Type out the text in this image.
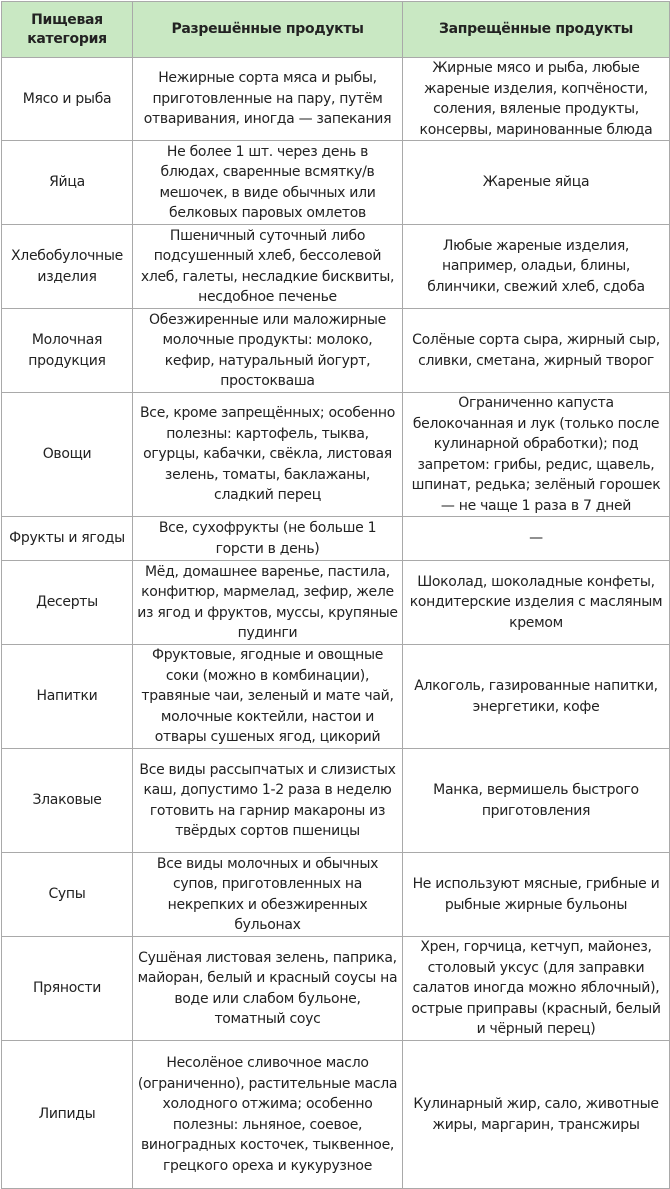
Пищевая категория	Разрешённые продукты	Запрещённые продукты
Мясо и рыба	Нежирные сорта мяса и рыбы, приготовленные на пару, путём отваривания, иногда — запекания	Жирные мясо и рыба, любые жареные изделия, копчёности, соления, вяленые продукты, консервы, маринованные блюда
Яйца	Не более 1 шт. через день в блюдах, сваренные всмятку/в мешочек, в виде обычных или белковых паровых омлетов	Жареные яйца
Хлебобулочные изделия	Пшеничный суточный либо подсушенный хлеб, бессолевой хлеб, галеты, несладкие бисквиты, несдобное печенье	Любые жареные изделия, например, оладьи, блины, блинчики, свежий хлеб, сдоба
Молочная продукция	Обезжиренные или маложирные молочные продукты: молоко, кефир, натуральный йогурт, простокваша	Солёные сорта сыра, жирный сыр, сливки, сметана, жирный творог
Овощи	Все, кроме запрещённых; особенно полезны: картофель, тыква, огурцы, кабачки, свёкла, листовая зелень, томаты, баклажаны, сладкий перец	Ограниченно капуста белокочанная и лук (только после кулинарной обработки); под запретом: грибы, редис, щавель, шпинат, редька; зелёный горошек — не чаще 1 раза в 7 дней
Фрукты и ягоды	Все, сухофрукты (не больше 1 горсти в день)	—
Десерты	Мёд, домашнее варенье, пастила, конфитюр, мармелад, зефир, желе из ягод и фруктов, муссы, крупяные пудинги	Шоколад, шоколадные конфеты, кондитерские изделия с масляным кремом
Напитки	Фруктовые, ягодные и овощные соки (можно в комбинации), травяные чаи, зеленый и мате чай, молочные коктейли, настои и отвары сушеных ягод, цикорий	Алкоголь, газированные напитки, энергетики, кофе
Злаковые	Все виды рассыпчатых и слизистых каш, допустимо 1-2 раза в неделю готовить на гарнир макароны из твёрдых сортов пшеницы	Манка, вермишель быстрого приготовления
Супы	Все виды молочных и обычных супов, приготовленных на некрепких и обезжиренных бульонах	Не используют мясные, грибные и рыбные жирные бульоны
Пряности	Сушёная листовая зелень, паприка, майоран, белый и красный соусы на воде или слабом бульоне, томатный соус	Хрен, горчица, кетчуп, майонез, столовый уксус (для заправки салатов иногда можно яблочный), острые приправы (красный, белый и чёрный перец)
Липиды	Несолёное сливочное масло (ограниченно), растительные масла холодного отжима; особенно полезны: льняное, соевое, виноградных косточек, тыквенное, грецкого ореха и кукурузное	Кулинарный жир, сало, животные жиры, маргарин, трансжиры
